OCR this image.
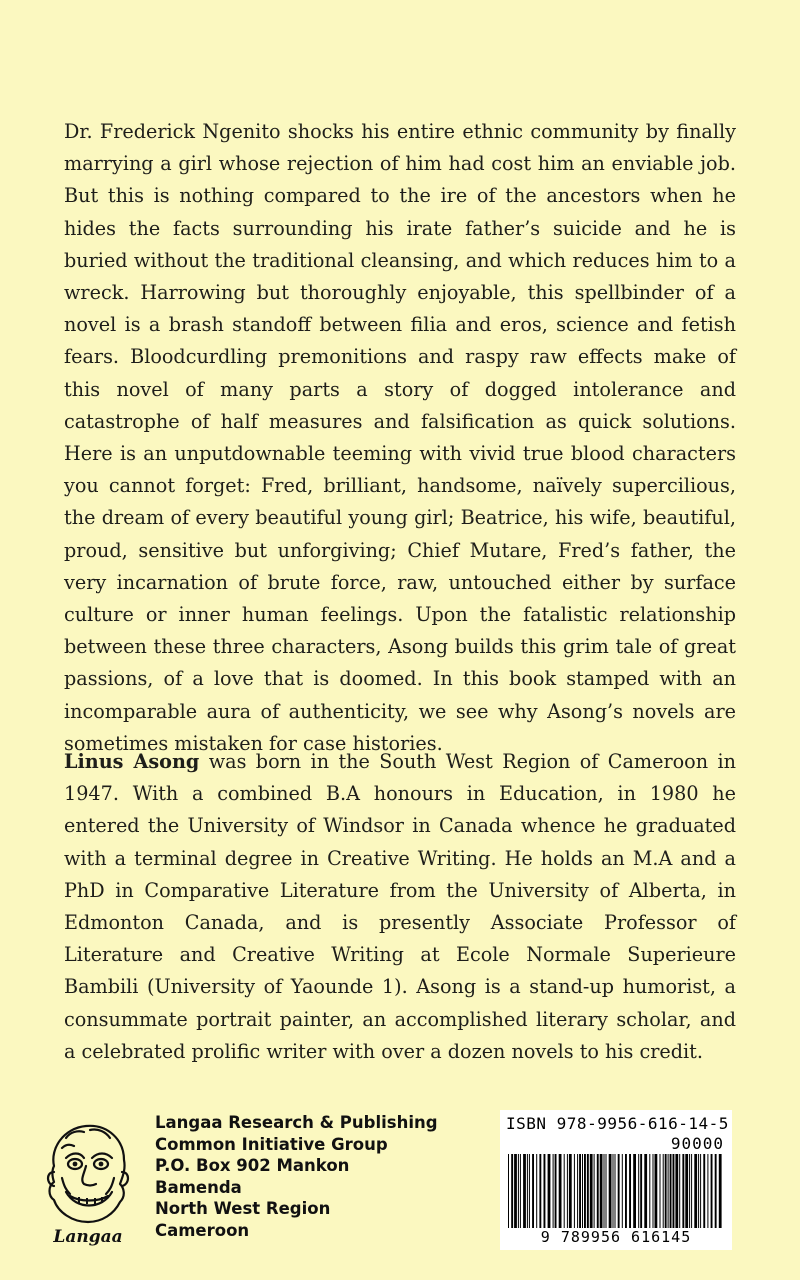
Dr. Frederick Ngenito shocks his entire ethnic community by finally marrying a girl whose rejection of him had cost him an enviable job. But this is nothing compared to the ire of the ancestors when he hides the facts surrounding his irate father’s suicide and he is buried without the traditional cleansing, and which reduces him to a wreck. Harrowing but thoroughly enjoyable, this spellbinder of a novel is a brash standoff between filia and eros, science and fetish fears. Bloodcurdling premonitions and raspy raw effects make of this novel of many parts a story of dogged intolerance and catastrophe of half measures and falsification as quick solutions. Here is an unputdownable teeming with vivid true blood characters you cannot forget: Fred, brilliant, handsome, naïvely supercilious, the dream of every beautiful young girl; Beatrice, his wife, beautiful, proud, sensitive but unforgiving; Chief Mutare, Fred’s father, the very incarnation of brute force, raw, untouched either by surface culture or inner human feelings. Upon the fatalistic relationship between these three characters, Asong builds this grim tale of great passions, of a love that is doomed. In this book stamped with an incomparable aura of authenticity, we see why Asong’s novels are sometimes mistaken for case histories.

Linus Asong was born in the South West Region of Cameroon in 1947. With a combined B.A honours in Education, in 1980 he entered the University of Windsor in Canada whence he graduated with a terminal degree in Creative Writing. He holds an M.A and a PhD in Comparative Literature from the University of Alberta, in Edmonton Canada, and is presently Associate Professor of Literature and Creative Writing at Ecole Normale Superieure Bambili (University of Yaounde 1). Asong is a stand-up humorist, a consummate portrait painter, an accomplished literary scholar, and a celebrated prolific writer with over a dozen novels to his credit.

Langaa
Langaa Research & Publishing
Common Initiative Group
P.O. Box 902 Mankon
Bamenda
North West Region
Cameroon
ISBN 978-9956-616-14-5
90000
9 789956 616145
